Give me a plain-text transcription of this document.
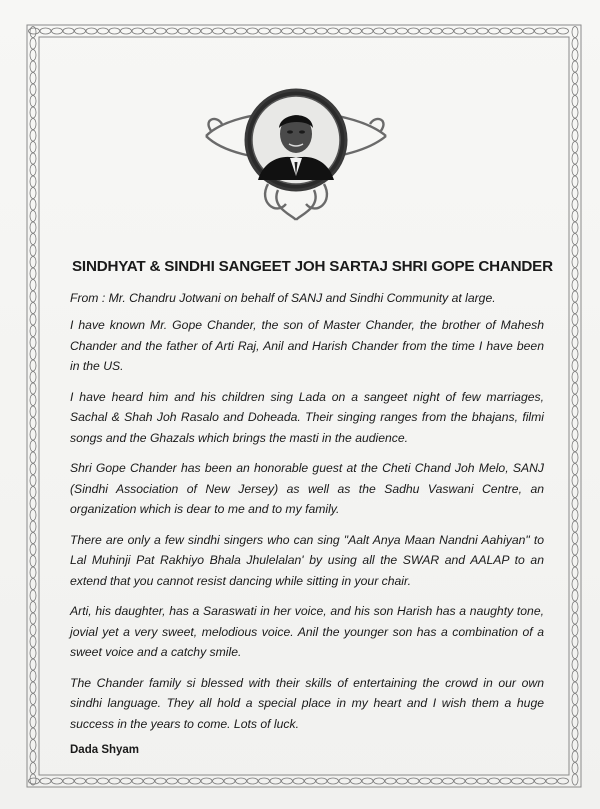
SINDHYAT & SINDHI SANGEET JOH SARTAJ SHRI GOPE CHANDER
From : Mr. Chandru Jotwani on behalf of SANJ and Sindhi Community at large.

I have known Mr. Gope Chander, the son of Master Chander, the brother of Mahesh Chander and the father of Arti Raj, Anil and Harish Chander from the time I have been in the US.

I have heard him and his children sing Lada on a sangeet night of few marriages, Sachal & Shah Joh Rasalo and Doheada. Their singing ranges from the bhajans, filmi songs and the Ghazals which brings the masti in the audience.

Shri Gope Chander has been an honorable guest at the Cheti Chand Joh Melo, SANJ (Sindhi Association of New Jersey) as well as the Sadhu Vaswani Centre, an organization which is dear to me and to my family.

There are only a few sindhi singers who can sing "Aalt Anya Maan Nandni Aahiyan" to Lal Muhinji Pat Rakhiyo Bhala Jhulelalan' by using all the SWAR and AALAP to an extend that you cannot resist dancing while sitting in your chair.

Arti, his daughter, has a Saraswati in her voice, and his son Harish has a naughty tone, jovial yet a very sweet, melodious voice. Anil the younger son has a combination of a sweet voice and a catchy smile.

The Chander family si blessed with their skills of entertaining the crowd in our own sindhi language. They all hold a special place in my heart and I wish them a huge success in the years to come. Lots of luck.

Dada Shyam
